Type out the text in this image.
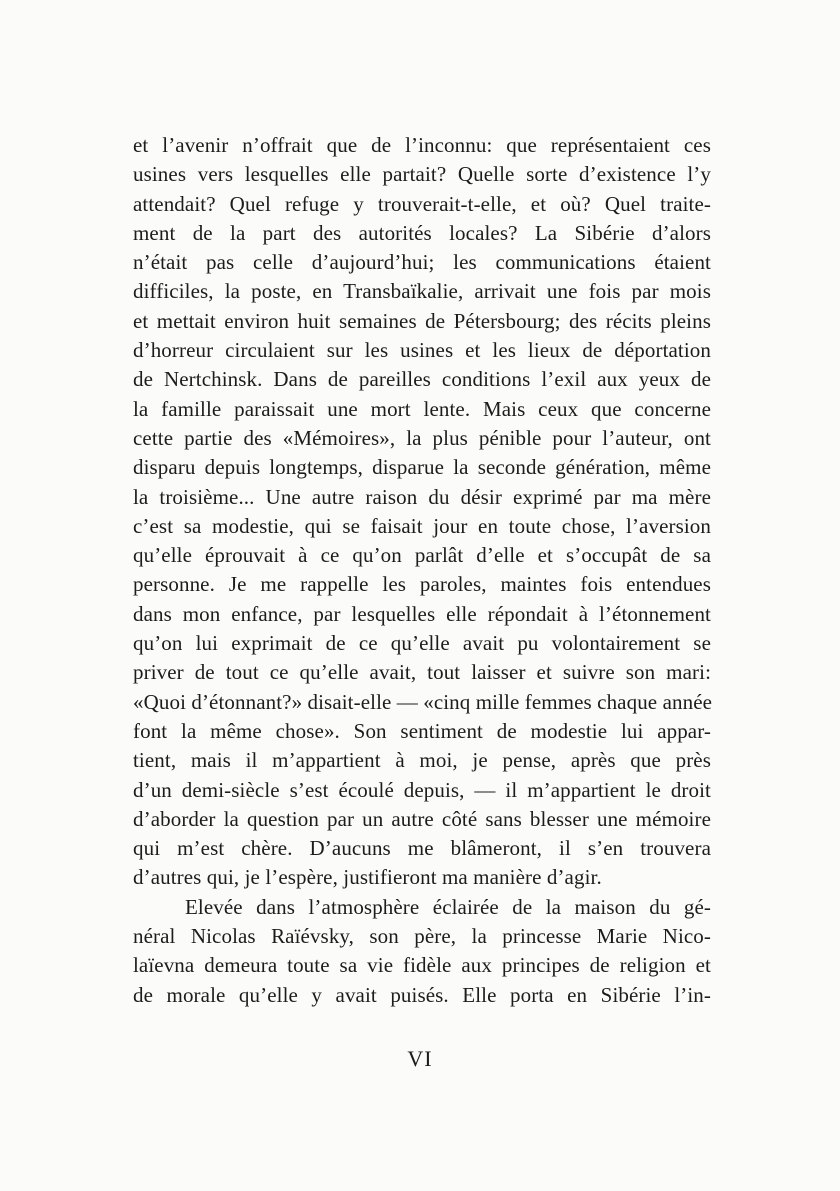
et l’avenir n’offrait que de l’inconnu: que représentaient ces
usines vers lesquelles elle partait? Quelle sorte d’existence l’y
attendait? Quel refuge y trouverait-t-elle, et où? Quel traite-
ment de la part des autorités locales? La Sibérie d’alors
n’était pas celle d’aujourd’hui; les communications étaient
difficiles, la poste, en Transbaïkalie, arrivait une fois par mois
et mettait environ huit semaines de Pétersbourg; des récits pleins
d’horreur circulaient sur les usines et les lieux de déportation
de Nertchinsk. Dans de pareilles conditions l’exil aux yeux de
la famille paraissait une mort lente. Mais ceux que concerne
cette partie des «Mémoires», la plus pénible pour l’auteur, ont
disparu depuis longtemps, disparue la seconde génération, même
la troisième... Une autre raison du désir exprimé par ma mère
c’est sa modestie, qui se faisait jour en toute chose, l’aversion
qu’elle éprouvait à ce qu’on parlât d’elle et s’occupât de sa
personne. Je me rappelle les paroles, maintes fois entendues
dans mon enfance, par lesquelles elle répondait à l’étonnement
qu’on lui exprimait de ce qu’elle avait pu volontairement se
priver de tout ce qu’elle avait, tout laisser et suivre son mari:
«Quoi d’étonnant?» disait-elle — «cinq mille femmes chaque année
font la même chose». Son sentiment de modestie lui appar-
tient, mais il m’appartient à moi, je pense, après que près
d’un demi-siècle s’est écoulé depuis, — il m’appartient le droit
d’aborder la question par un autre côté sans blesser une mémoire
qui m’est chère. D’aucuns me blâmeront, il s’en trouvera
d’autres qui, je l’espère, justifieront ma manière d’agir.
Elevée dans l’atmosphère éclairée de la maison du gé-
néral Nicolas Raïévsky, son père, la princesse Marie Nico-
laïevna demeura toute sa vie fidèle aux principes de religion et
de morale qu’elle y avait puisés. Elle porta en Sibérie l’in-
VI
